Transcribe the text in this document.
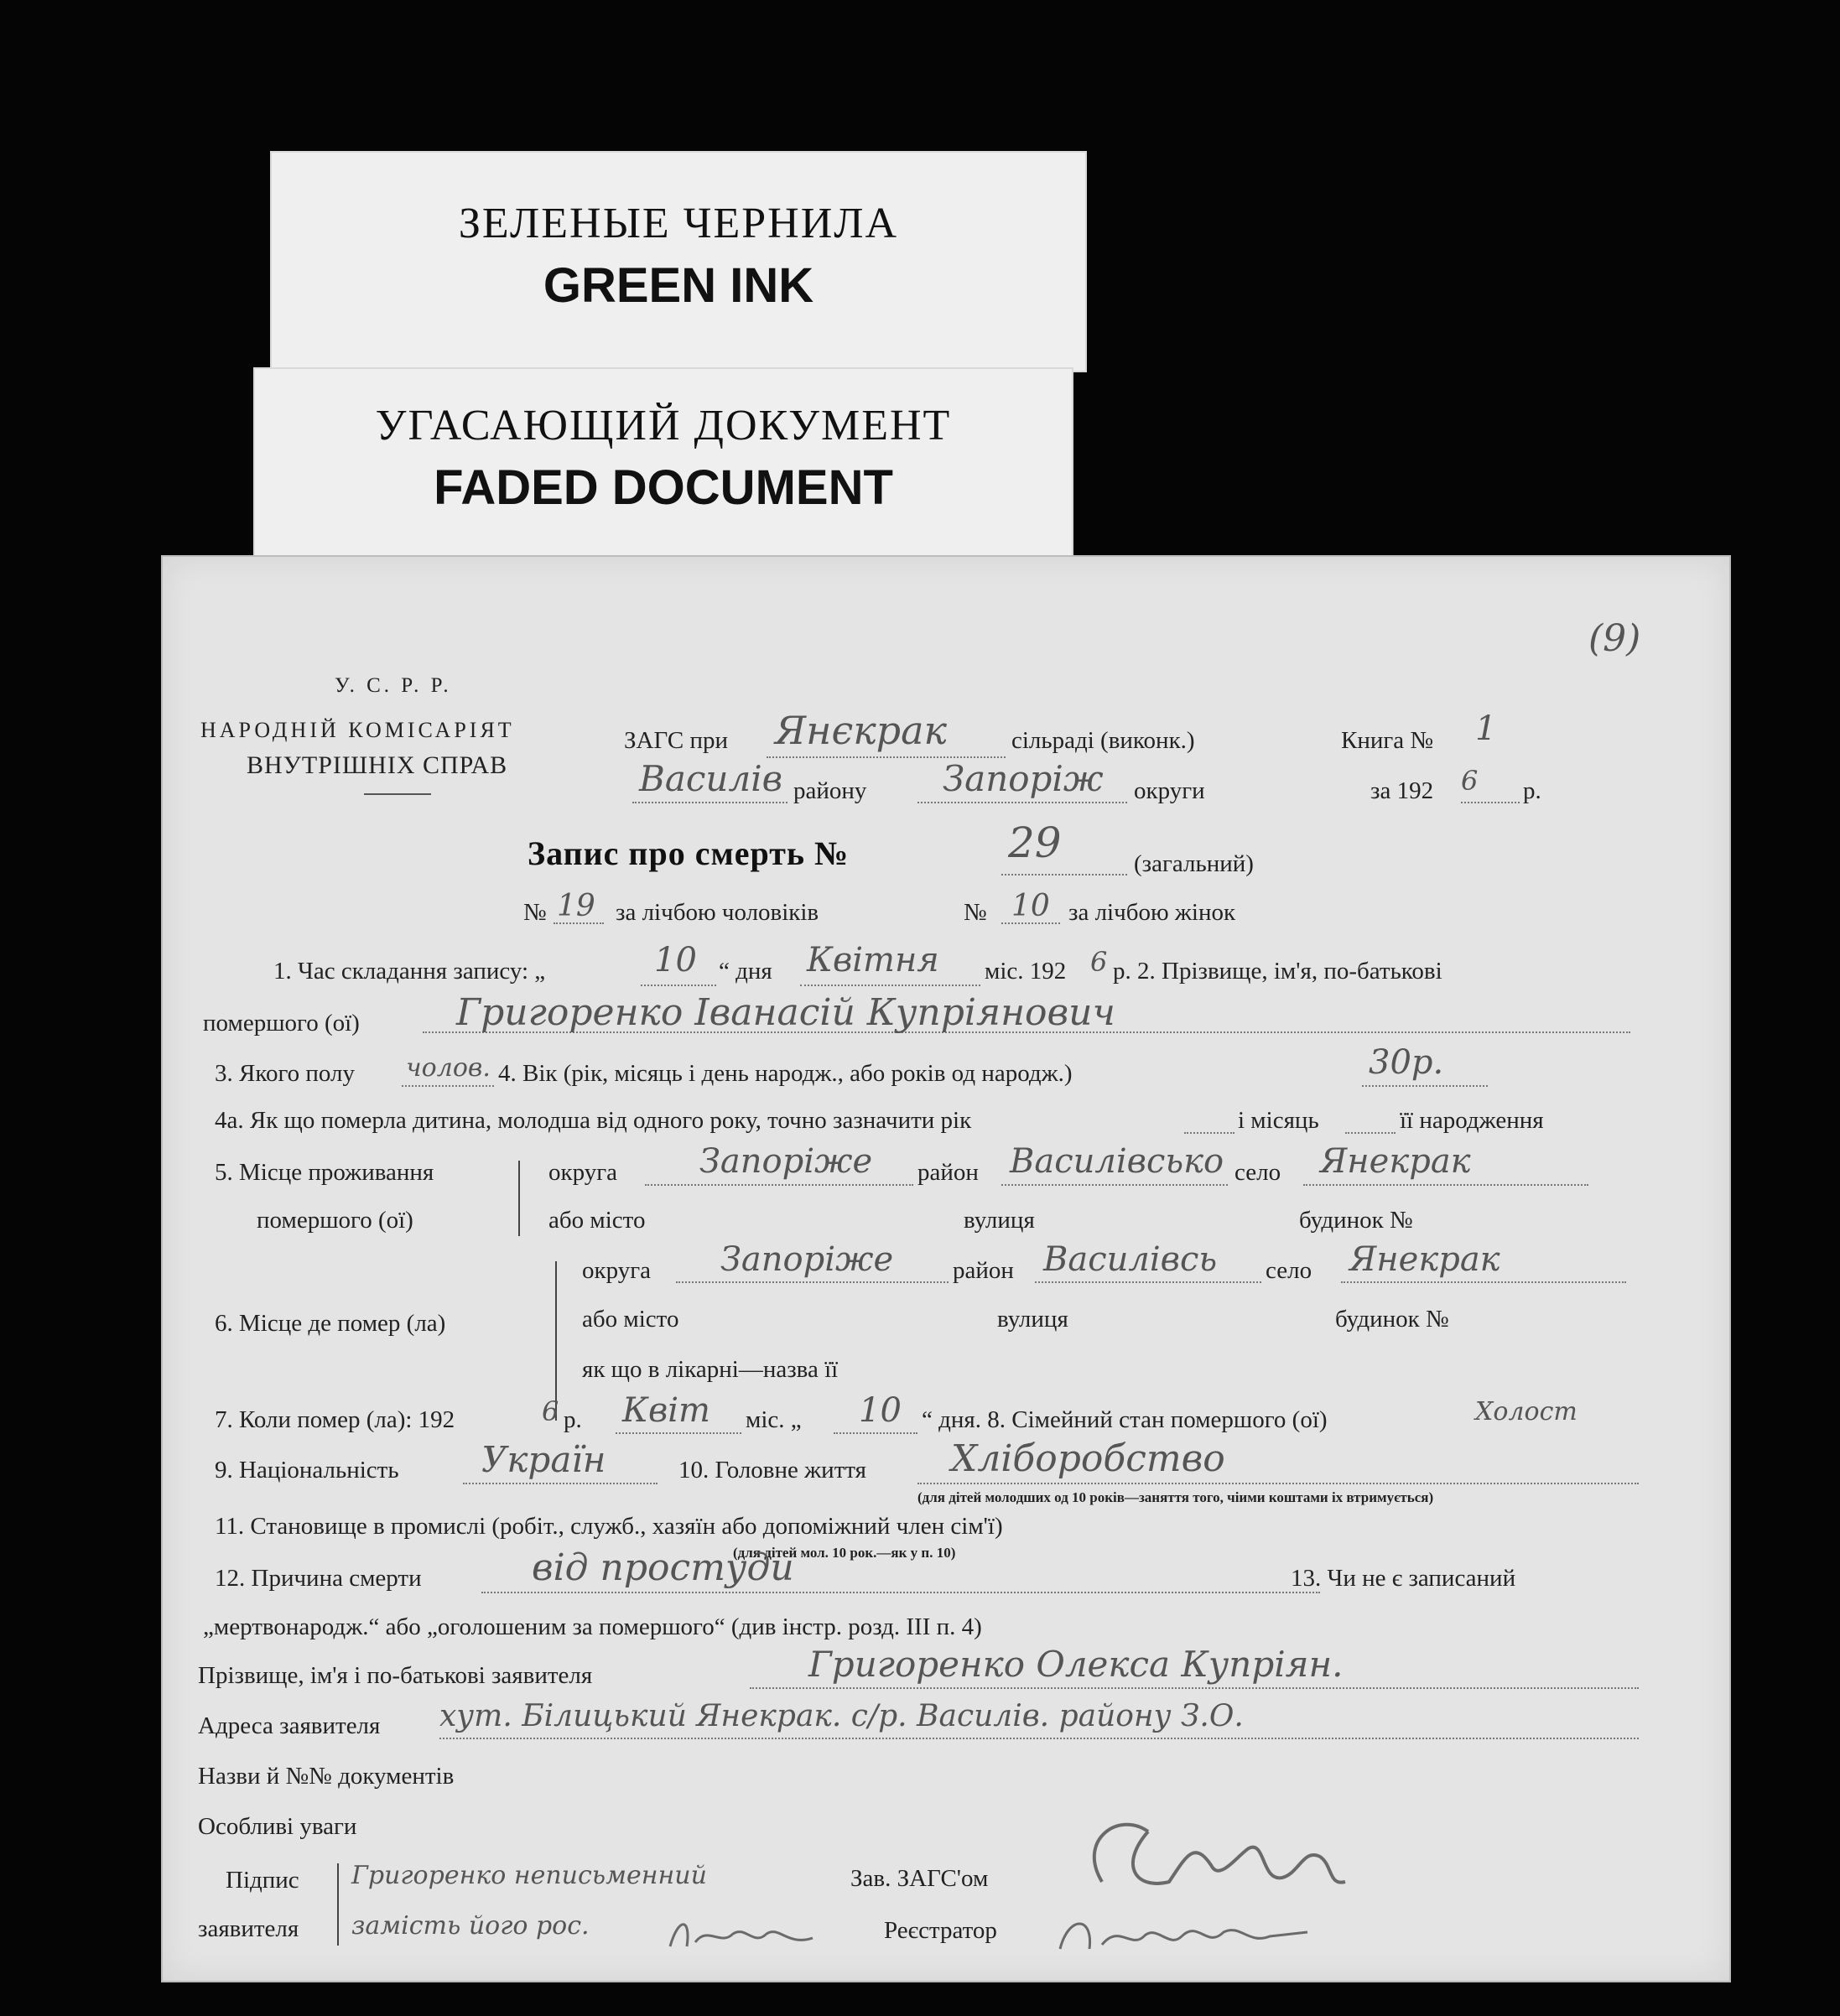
ЗЕЛЕНЫЕ ЧЕРНИЛА
GREEN INK
УГАСАЮЩИЙ ДОКУМЕНТ
FADED DOCUMENT
(9)
У. С. Р. Р.
НАРОДНІЙ КОМІСАРІЯТ
ВНУТРІШНІХ СПРАВ
ЗАГС при Янєкрак	сільраді (виконк.)	Книга № 1
Василів району Запоріж округи	за 192 6 р.
Запис про смерть №	29	(загальний)
№ 19 за лічбою чоловіків	№ 10 за лічбою жінок
1. Час складання запису: „	10 “ дня Квітня міс. 192 6 р. 2. Прізвище, ім'я, по-батькові
помершого (ої)	Григоренко Іванасій Купріянович
3. Якого полу чолов. 4. Вік (рік, місяць і день народж., або років од народж.)	30р.
4а. Як що померла дитина, молодша від одного року, точно зазначити рік	і місяць	її народження
5. Місце проживання
помершого (ої)
округа Запоріже район Василівсько село Янекрак
або місто	вулиця	будинок №
6. Місце де помер (ла)
округа Запоріже район Василівсь село Янекрак
або місто	вулиця	будинок №
як що в лікарні—назва її
7. Коли помер (ла): 192	6 р. Квіт міс. „ 10 “ дня. 8. Сімейний стан помершого (ої)	Холост
9. Національність Україн	10. Головне життя Хліборобство
(для дітей молодших од 10 років—заняття того, чіими коштами іх втримується)
11. Становище в промислі (робіт., служб., хазяїн або допоміжний член сім'ї)
(для дітей мол. 10 рок.—як у п. 10)
12. Причина смерти	від простуди	13. Чи не є записаний
„мертвонародж.“ або „оголошеним за помершого“ (див інстр. розд. III п. 4)
Прізвище, ім'я і по-батькові заявителя	Григоренко Олекса Купріян.
Адреса заявителя хут. Білицький Янекрак. с/р. Василів. району З.О.
Назви й №№ документів
Особливі уваги
Підпис
заявителя
Григоренко неписьменний
замість його рос.
Зав. ЗАГС'ом
Реєстратор
